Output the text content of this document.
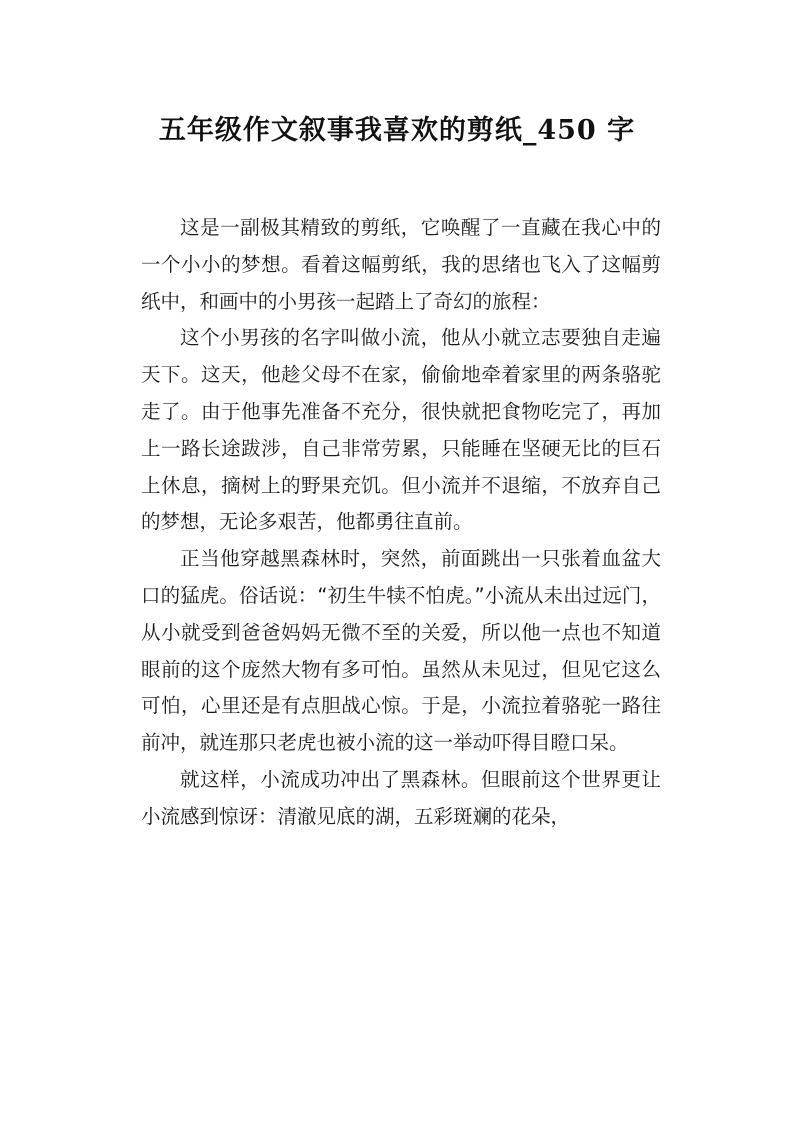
五年级作文叙事我喜欢的剪纸_450 字

这是一副极其精致的剪纸，它唤醒了一直藏在我心中的一个小小的梦想。看着这幅剪纸，我的思绪也飞入了这幅剪纸中，和画中的小男孩一起踏上了奇幻的旅程：

这个小男孩的名字叫做小流，他从小就立志要独自走遍天下。这天，他趁父母不在家，偷偷地牵着家里的两条骆驼走了。由于他事先准备不充分，很快就把食物吃完了，再加上一路长途跋涉，自己非常劳累，只能睡在坚硬无比的巨石上休息，摘树上的野果充饥。但小流并不退缩，不放弃自己的梦想，无论多艰苦，他都勇往直前。

正当他穿越黑森林时，突然，前面跳出一只张着血盆大口的猛虎。俗话说：“初生牛犊不怕虎。”小流从未出过远门，从小就受到爸爸妈妈无微不至的关爱，所以他一点也不知道眼前的这个庞然大物有多可怕。虽然从未见过，但见它这么可怕，心里还是有点胆战心惊。于是，小流拉着骆驼一路往前冲，就连那只老虎也被小流的这一举动吓得目瞪口呆。

就这样，小流成功冲出了黑森林。但眼前这个世界更让小流感到惊讶：清澈见底的湖，五彩斑斓的花朵，
